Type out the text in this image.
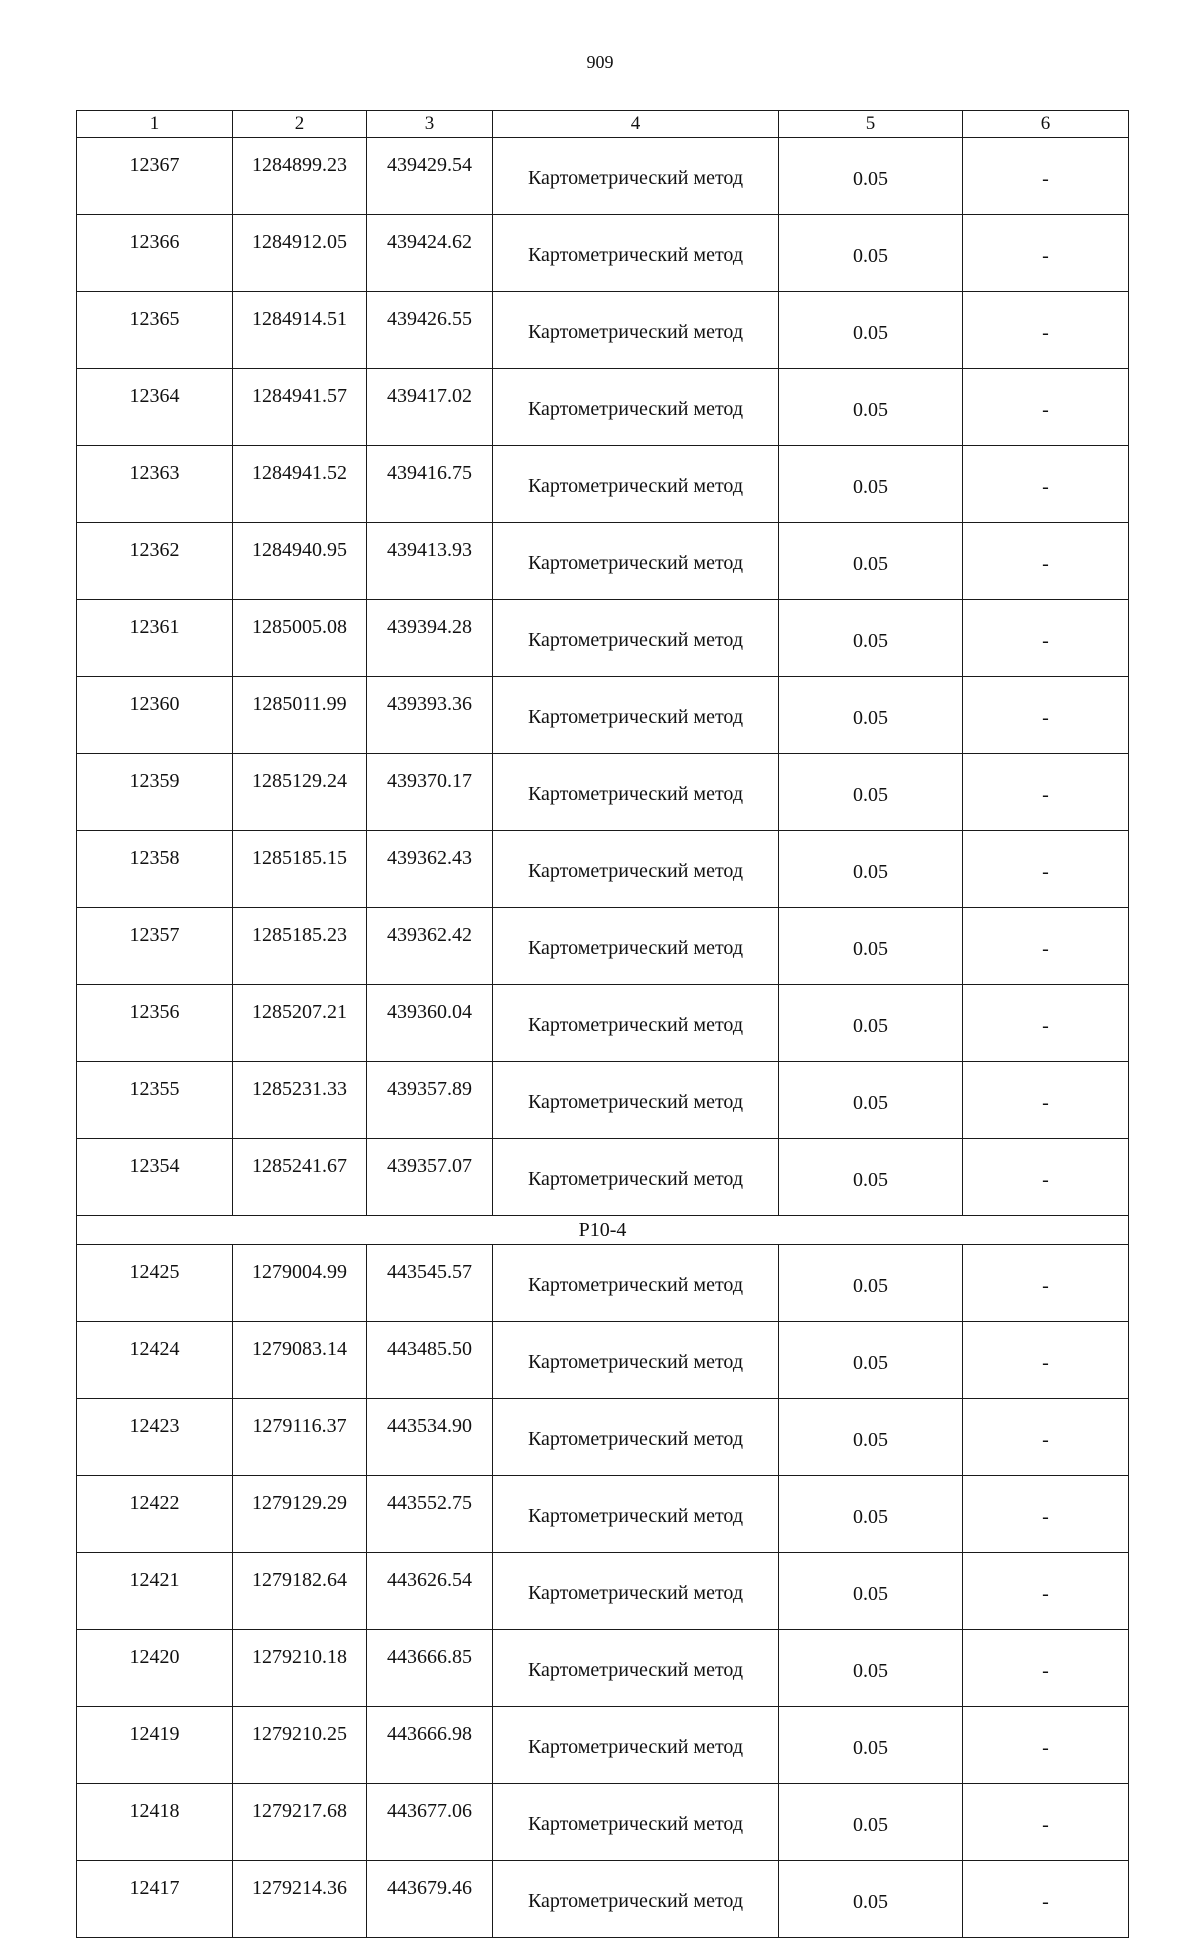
909
1	2	3	4	5	6
12367	1284899.23	439429.54	Картометрический метод	0.05	-
12366	1284912.05	439424.62	Картометрический метод	0.05	-
12365	1284914.51	439426.55	Картометрический метод	0.05	-
12364	1284941.57	439417.02	Картометрический метод	0.05	-
12363	1284941.52	439416.75	Картометрический метод	0.05	-
12362	1284940.95	439413.93	Картометрический метод	0.05	-
12361	1285005.08	439394.28	Картометрический метод	0.05	-
12360	1285011.99	439393.36	Картометрический метод	0.05	-
12359	1285129.24	439370.17	Картометрический метод	0.05	-
12358	1285185.15	439362.43	Картометрический метод	0.05	-
12357	1285185.23	439362.42	Картометрический метод	0.05	-
12356	1285207.21	439360.04	Картометрический метод	0.05	-
12355	1285231.33	439357.89	Картометрический метод	0.05	-
12354	1285241.67	439357.07	Картометрический метод	0.05	-
Р10-4					
12425	1279004.99	443545.57	Картометрический метод	0.05	-
12424	1279083.14	443485.50	Картометрический метод	0.05	-
12423	1279116.37	443534.90	Картометрический метод	0.05	-
12422	1279129.29	443552.75	Картометрический метод	0.05	-
12421	1279182.64	443626.54	Картометрический метод	0.05	-
12420	1279210.18	443666.85	Картометрический метод	0.05	-
12419	1279210.25	443666.98	Картометрический метод	0.05	-
12418	1279217.68	443677.06	Картометрический метод	0.05	-
12417	1279214.36	443679.46	Картометрический метод	0.05	-
